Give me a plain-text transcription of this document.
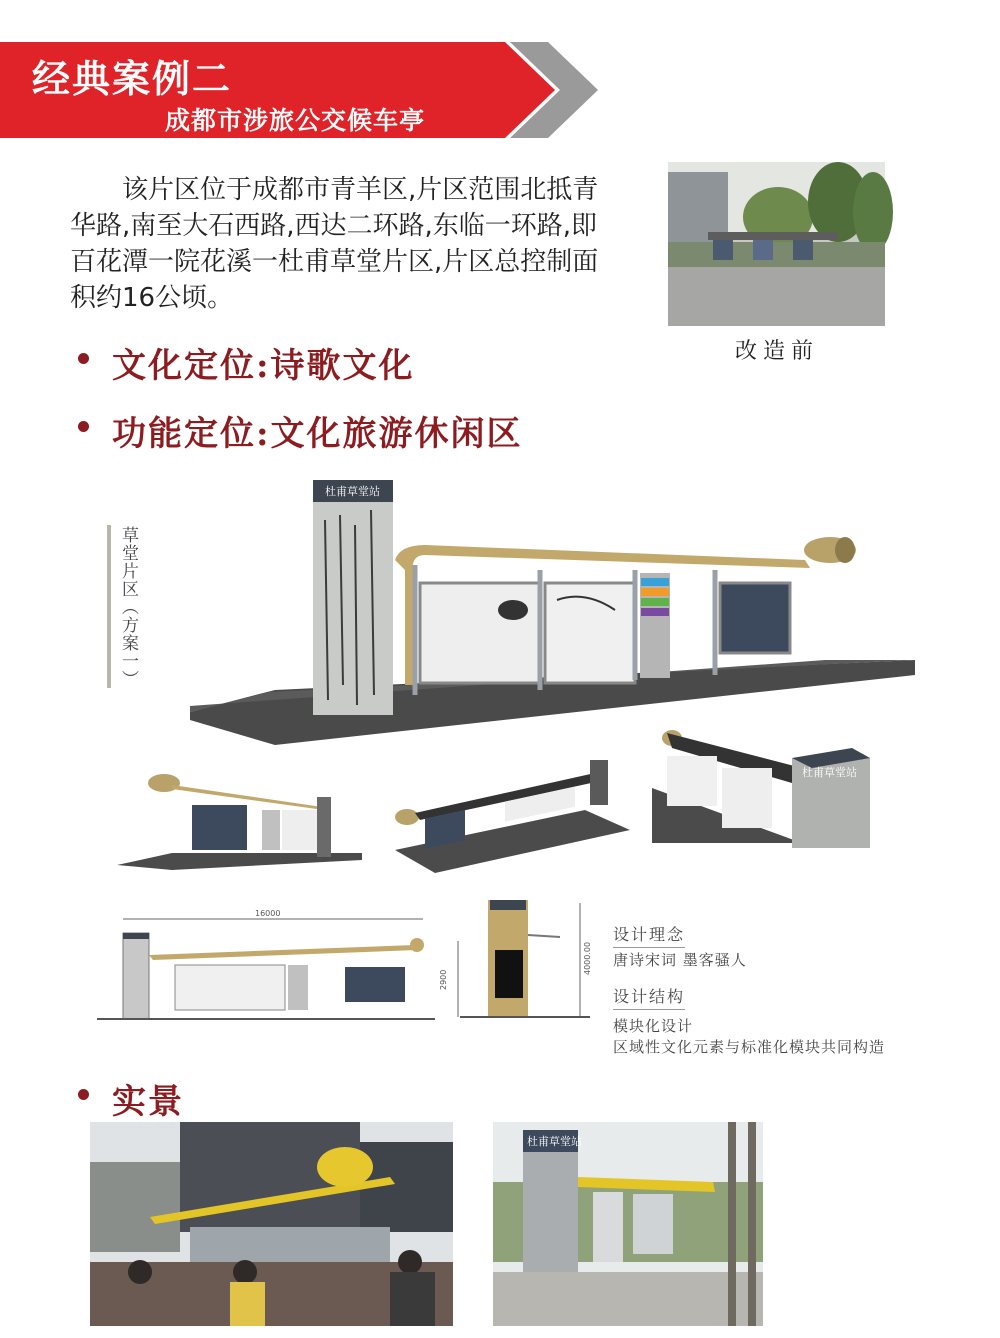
经典案例二
成都市涉旅公交候车亭

该片区位于成都市青羊区,片区范围北抵青华路,南至大石西路,西达二环路,东临一环路,即百花潭一院花溪一杜甫草堂片区,片区总控制面积约16公顷。

文化定位:诗歌文化
功能定位:文化旅游休闲区
改造前
草堂片区（方案一）
杜甫草堂站
杜甫草堂站
16000
2900
4000.00
设计理念
唐诗宋词 墨客骚人
设计结构
模块化设计
区域性文化元素与标准化模块共同构造
实景
杜甫草堂站
